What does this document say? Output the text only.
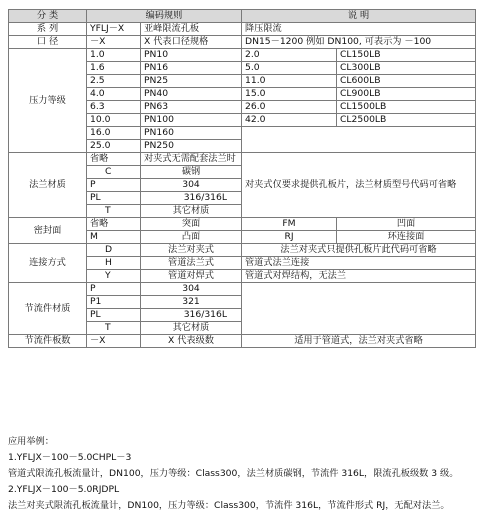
分 类	编码规则		说 明	
系 列	YFLJ－X	亚峰限流孔板	降压限流	
口 径	－X	X 代表口径规格	DN15－1200 例如 DN100, 可表示为 －100	
压力等级	1.0	PN10	2.0	CL150LB
	1.6	PN16	5.0	CL300LB
	2.5	PN25	11.0	CL600LB
	4.0	PN40	15.0	CL900LB
	6.3	PN63	26.0	CL1500LB
	10.0	PN100	42.0	CL2500LB
	16.0	PN160		
	25.0	PN250		
法兰材质	省略	对夹式无需配套法兰时	对夹式仅要求提供孔板片，法兰材质型号代码可省略	
	C	碳钢		
	P	304		
	PL	316/316L		
	T	其它材质		
密封面	省略	突面	FM	凹面
	M	凸面	RJ	环连接面
连接方式	D	法兰对夹式	法兰对夹式只提供孔板片此代码可省略	
	H	管道法兰式	管道式法兰连接	
	Y	管道对焊式	管道式对焊结构，无法兰	
节流件材质	P	304		
	P1	321		
	PL	316/316L		
	T	其它材质		
节流件板数	－X	X 代表级数	适用于管道式，法兰对夹式省略	
应用举例：
1.YFLJX－100－5.0CHPL－3
管道式限流孔板流量计，DN100，压力等级：Class300，法兰材质碳钢，节流件 316L，限流孔板级数 3 级。
2.YFLJX－100－5.0RJDPL
法兰对夹式限流孔板流量计，DN100，压力等级：Class300，节流件 316L，节流件形式 RJ，无配对法兰。
